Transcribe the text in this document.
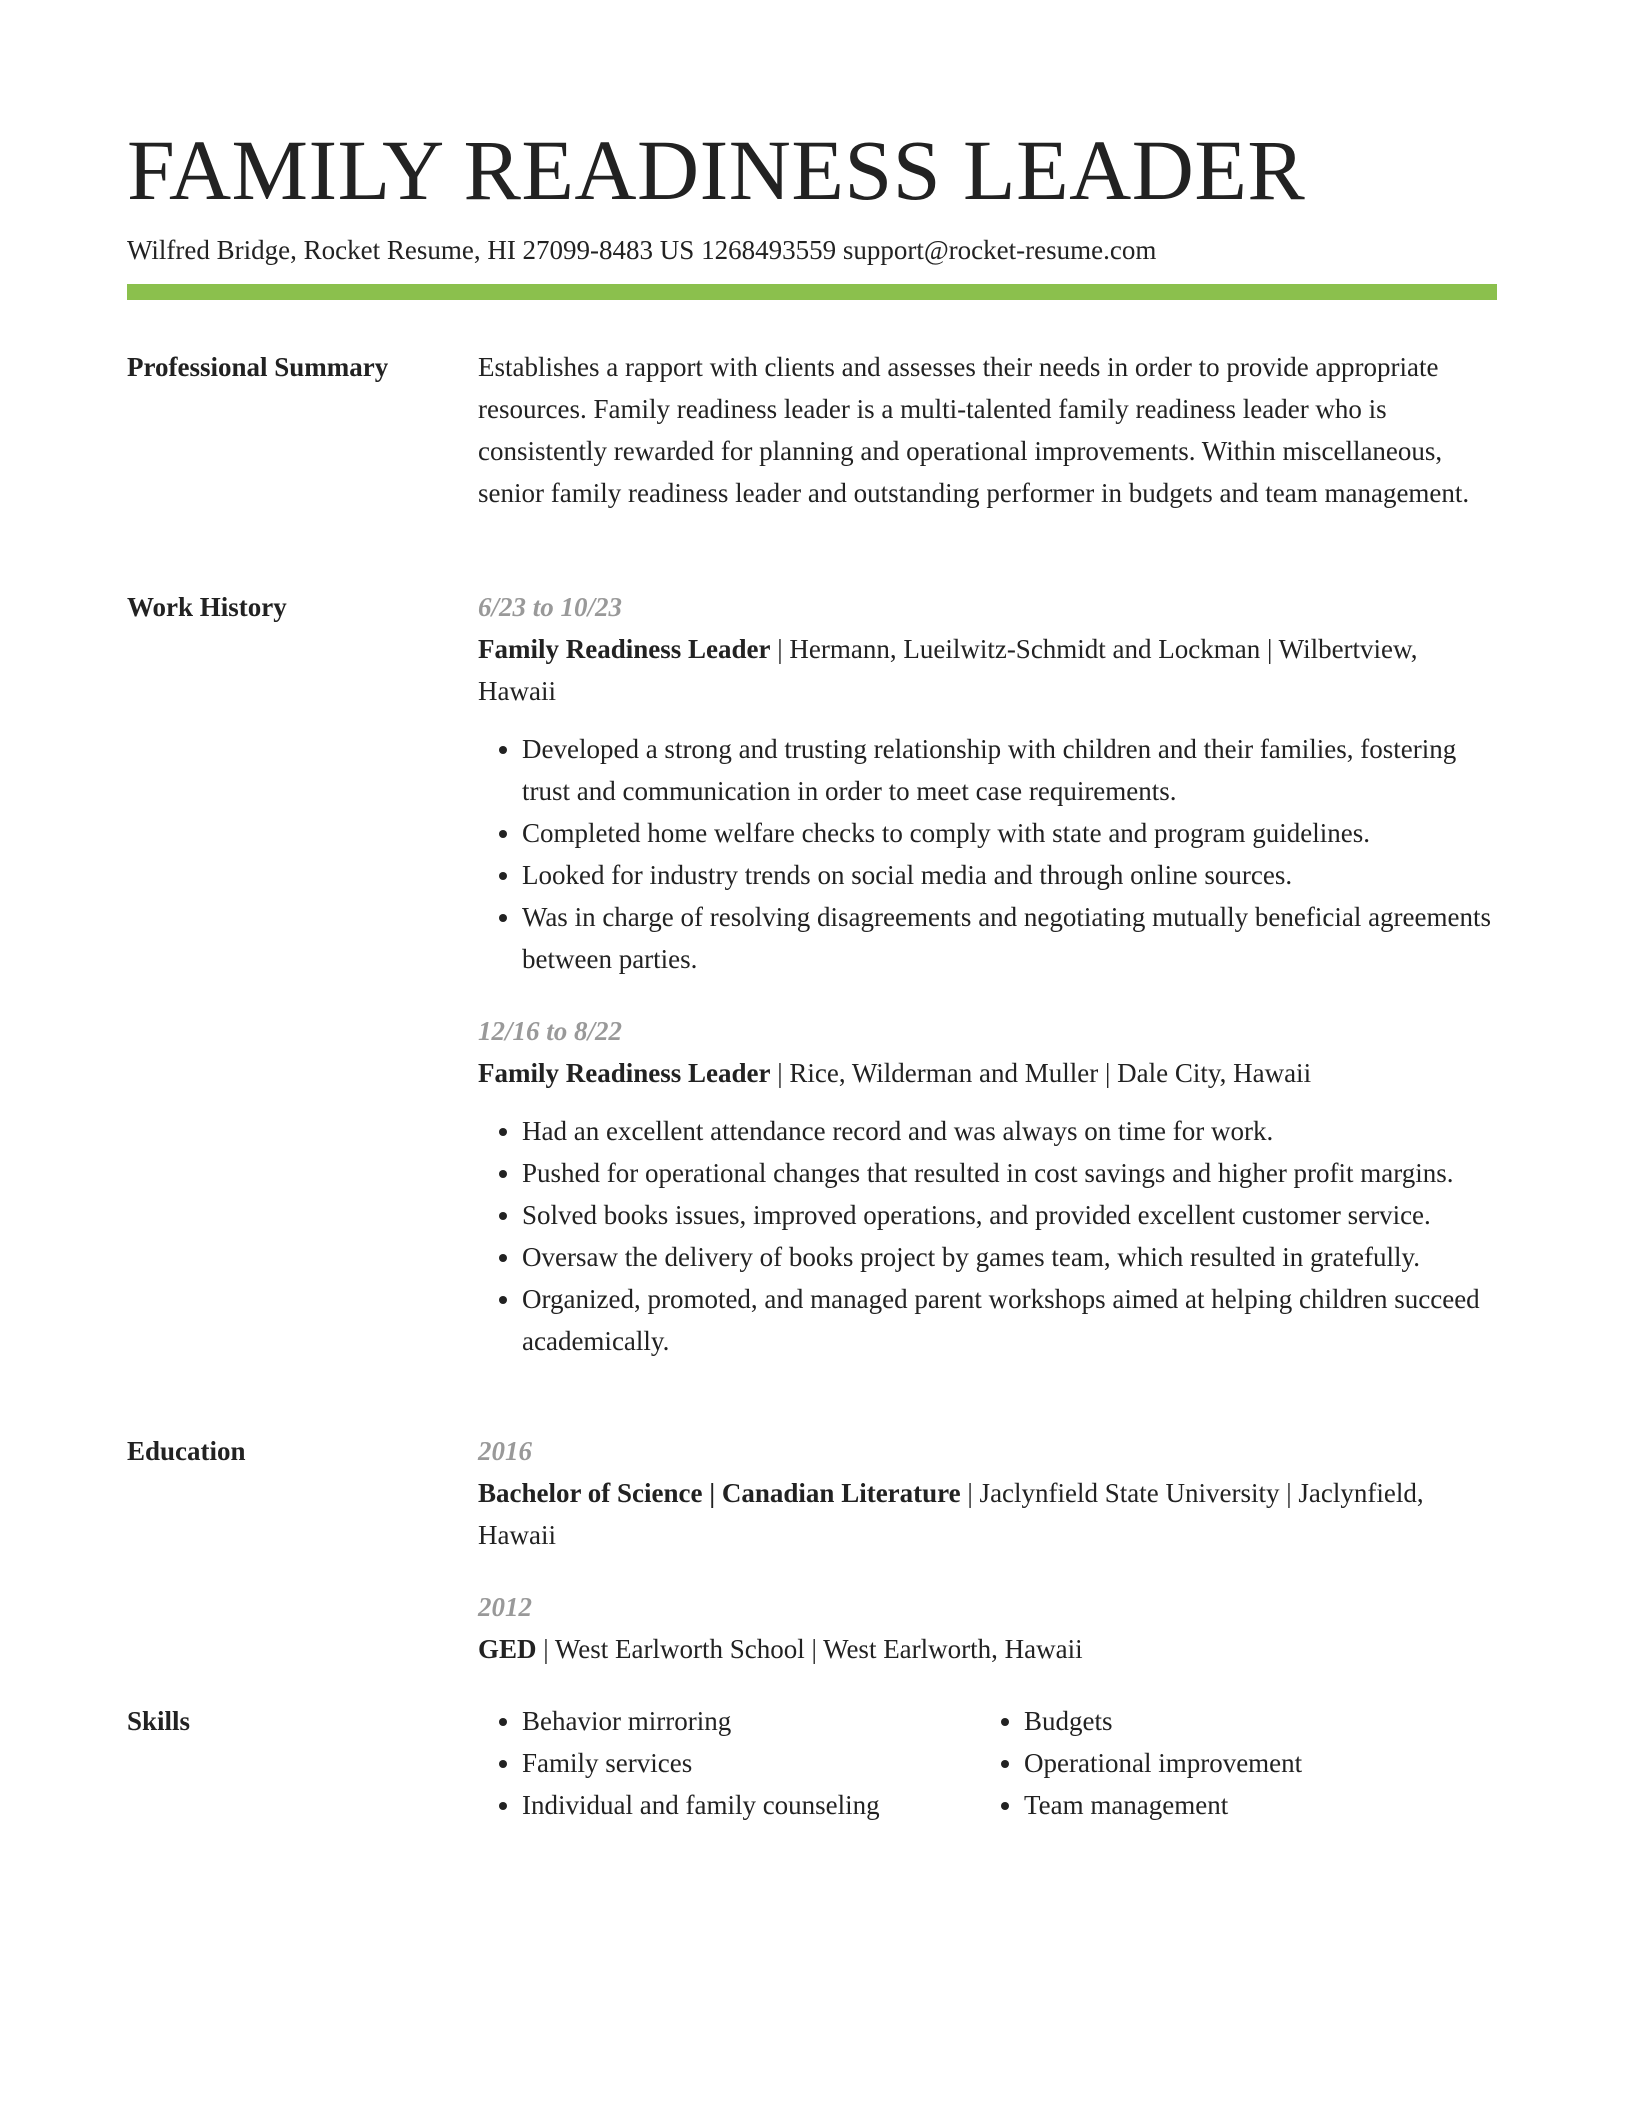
FAMILY READINESS LEADER
Wilfred Bridge, Rocket Resume, HI 27099-8483 US 1268493559 support@rocket-resume.com
Professional Summary	Establishes a rapport with clients and assesses their needs in order to provide appropriate resources. Family readiness leader is a multi-talented family readiness leader who is consistently rewarded for planning and operational improvements. Within miscellaneous, senior family readiness leader and outstanding performer in budgets and team management.

Work History	6/23 to 10/23

Family Readiness Leader | Hermann, Lueilwitz-Schmidt and Lockman | Wilbertview, Hawaii

• Developed a strong and trusting relationship with children and their families, fostering trust and communication in order to meet case requirements.
• Completed home welfare checks to comply with state and program guidelines.
• Looked for industry trends on social media and through online sources.
• Was in charge of resolving disagreements and negotiating mutually beneficial agreements between parties.

12/16 to 8/22

Family Readiness Leader | Rice, Wilderman and Muller | Dale City, Hawaii

• Had an excellent attendance record and was always on time for work.
• Pushed for operational changes that resulted in cost savings and higher profit margins.
• Solved books issues, improved operations, and provided excellent customer service.
• Oversaw the delivery of books project by games team, which resulted in gratefully.
• Organized, promoted, and managed parent workshops aimed at helping children succeed academically.
Education	2016

Bachelor of Science | Canadian Literature | Jaclynfield State University | Jaclynfield, Hawaii

2012

GED | West Earlworth School | West Earlworth, Hawaii

Skills
•	Behavior mirroring
• Family services
• Individual and family counseling
• Budgets
• Operational improvement
• Team management
